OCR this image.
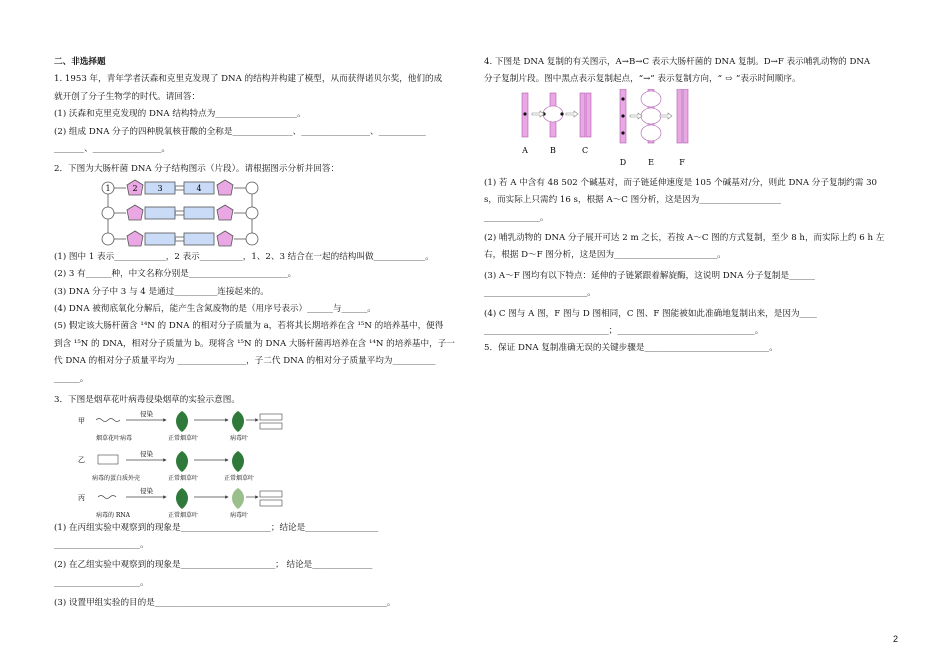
二、非选择题
1. 1953 年，青年学者沃森和克里克发现了 DNA 的结构并构建了模型，从而获得诺贝尔奖，他们的成
就开创了分子生物学的时代。请回答：
(1) 沃森和克里克发现的 DNA 结构特点为___________________。
(2) 组成 DNA 分子的四种脱氧核苷酸的全称是______________、________________、___________
_______、________________。
2．下图为大肠杆菌 DNA 分子结构图示（片段）。请根据图示分析并回答：
1	2 3	4
(1) 图中 1 表示____________，2 表示__________，1、2、3 结合在一起的结构叫做____________。
(2) 3 有______种，中文名称分别是_______________________。
(3) DNA 分子中 3 与 4 是通过__________连接起来的。
(4) DNA 被彻底氧化分解后，能产生含氮废物的是（用序号表示）______与______。
(5) 假定该大肠杆菌含 ¹⁴N 的 DNA 的相对分子质量为 a，若将其长期培养在含 ¹⁵N 的培养基中，便得
到含 ¹⁵N 的 DNA，相对分子质量为 b。现将含 ¹⁵N 的 DNA 大肠杆菌再培养在含 ¹⁴N 的培养基中，子一
代 DNA 的相对分子质量平均为 ________________，子二代 DNA 的相对分子质量平均为__________
______。
3．下图是烟草花叶病毒侵染烟草的实验示意图。
甲
侵染
烟草花叶病毒	正常烟草叶	病毒叶
乙
侵染
病毒的蛋白质外壳	正常烟草叶	正常烟草叶
丙
侵染
病毒的 RNA	正常烟草叶	病毒叶
(1) 在丙组实验中观察到的现象是_____________________；结论是_________________
____________________。
(2) 在乙组实验中观察到的现象是______________________； 结论是______________
____________________。
(3) 设置甲组实验的目的是______________________________________________________。
4. 下图是 DNA 复制的有关图示，A→B→C 表示大肠杆菌的 DNA 复制。D→F 表示哺乳动物的 DNA
分子复制片段。图中黑点表示复制起点，“→” 表示复制方向，“ ⇨ ”表示时间顺序。
A	B	C
D	E	F
(1) 若 A 中含有 48 502 个碱基对，而子链延伸速度是 105 个碱基对/分，则此 DNA 分子复制约需 30
s，而实际上只需约 16 s，根据 A～C 图分析，这是因为___________________
_____________。
(2) 哺乳动物的 DNA 分子展开可达 2 m 之长，若按 A～C 图的方式复制，至少 8 h，而实际上约 6 h 左
右，根据 D～F 图分析，这是因为________________________。
(3) A～F 图均有以下特点：延伸的子链紧跟着解旋酶，这说明 DNA 分子复制是______
________________________。
(4) C 图与 A 图，F 图与 D 图相同，C 图、F 图能被如此准确地复制出来，是因为____
_____________________________；________________________________。
5．保证 DNA 复制准确无误的关键步骤是_____________________________。
2
